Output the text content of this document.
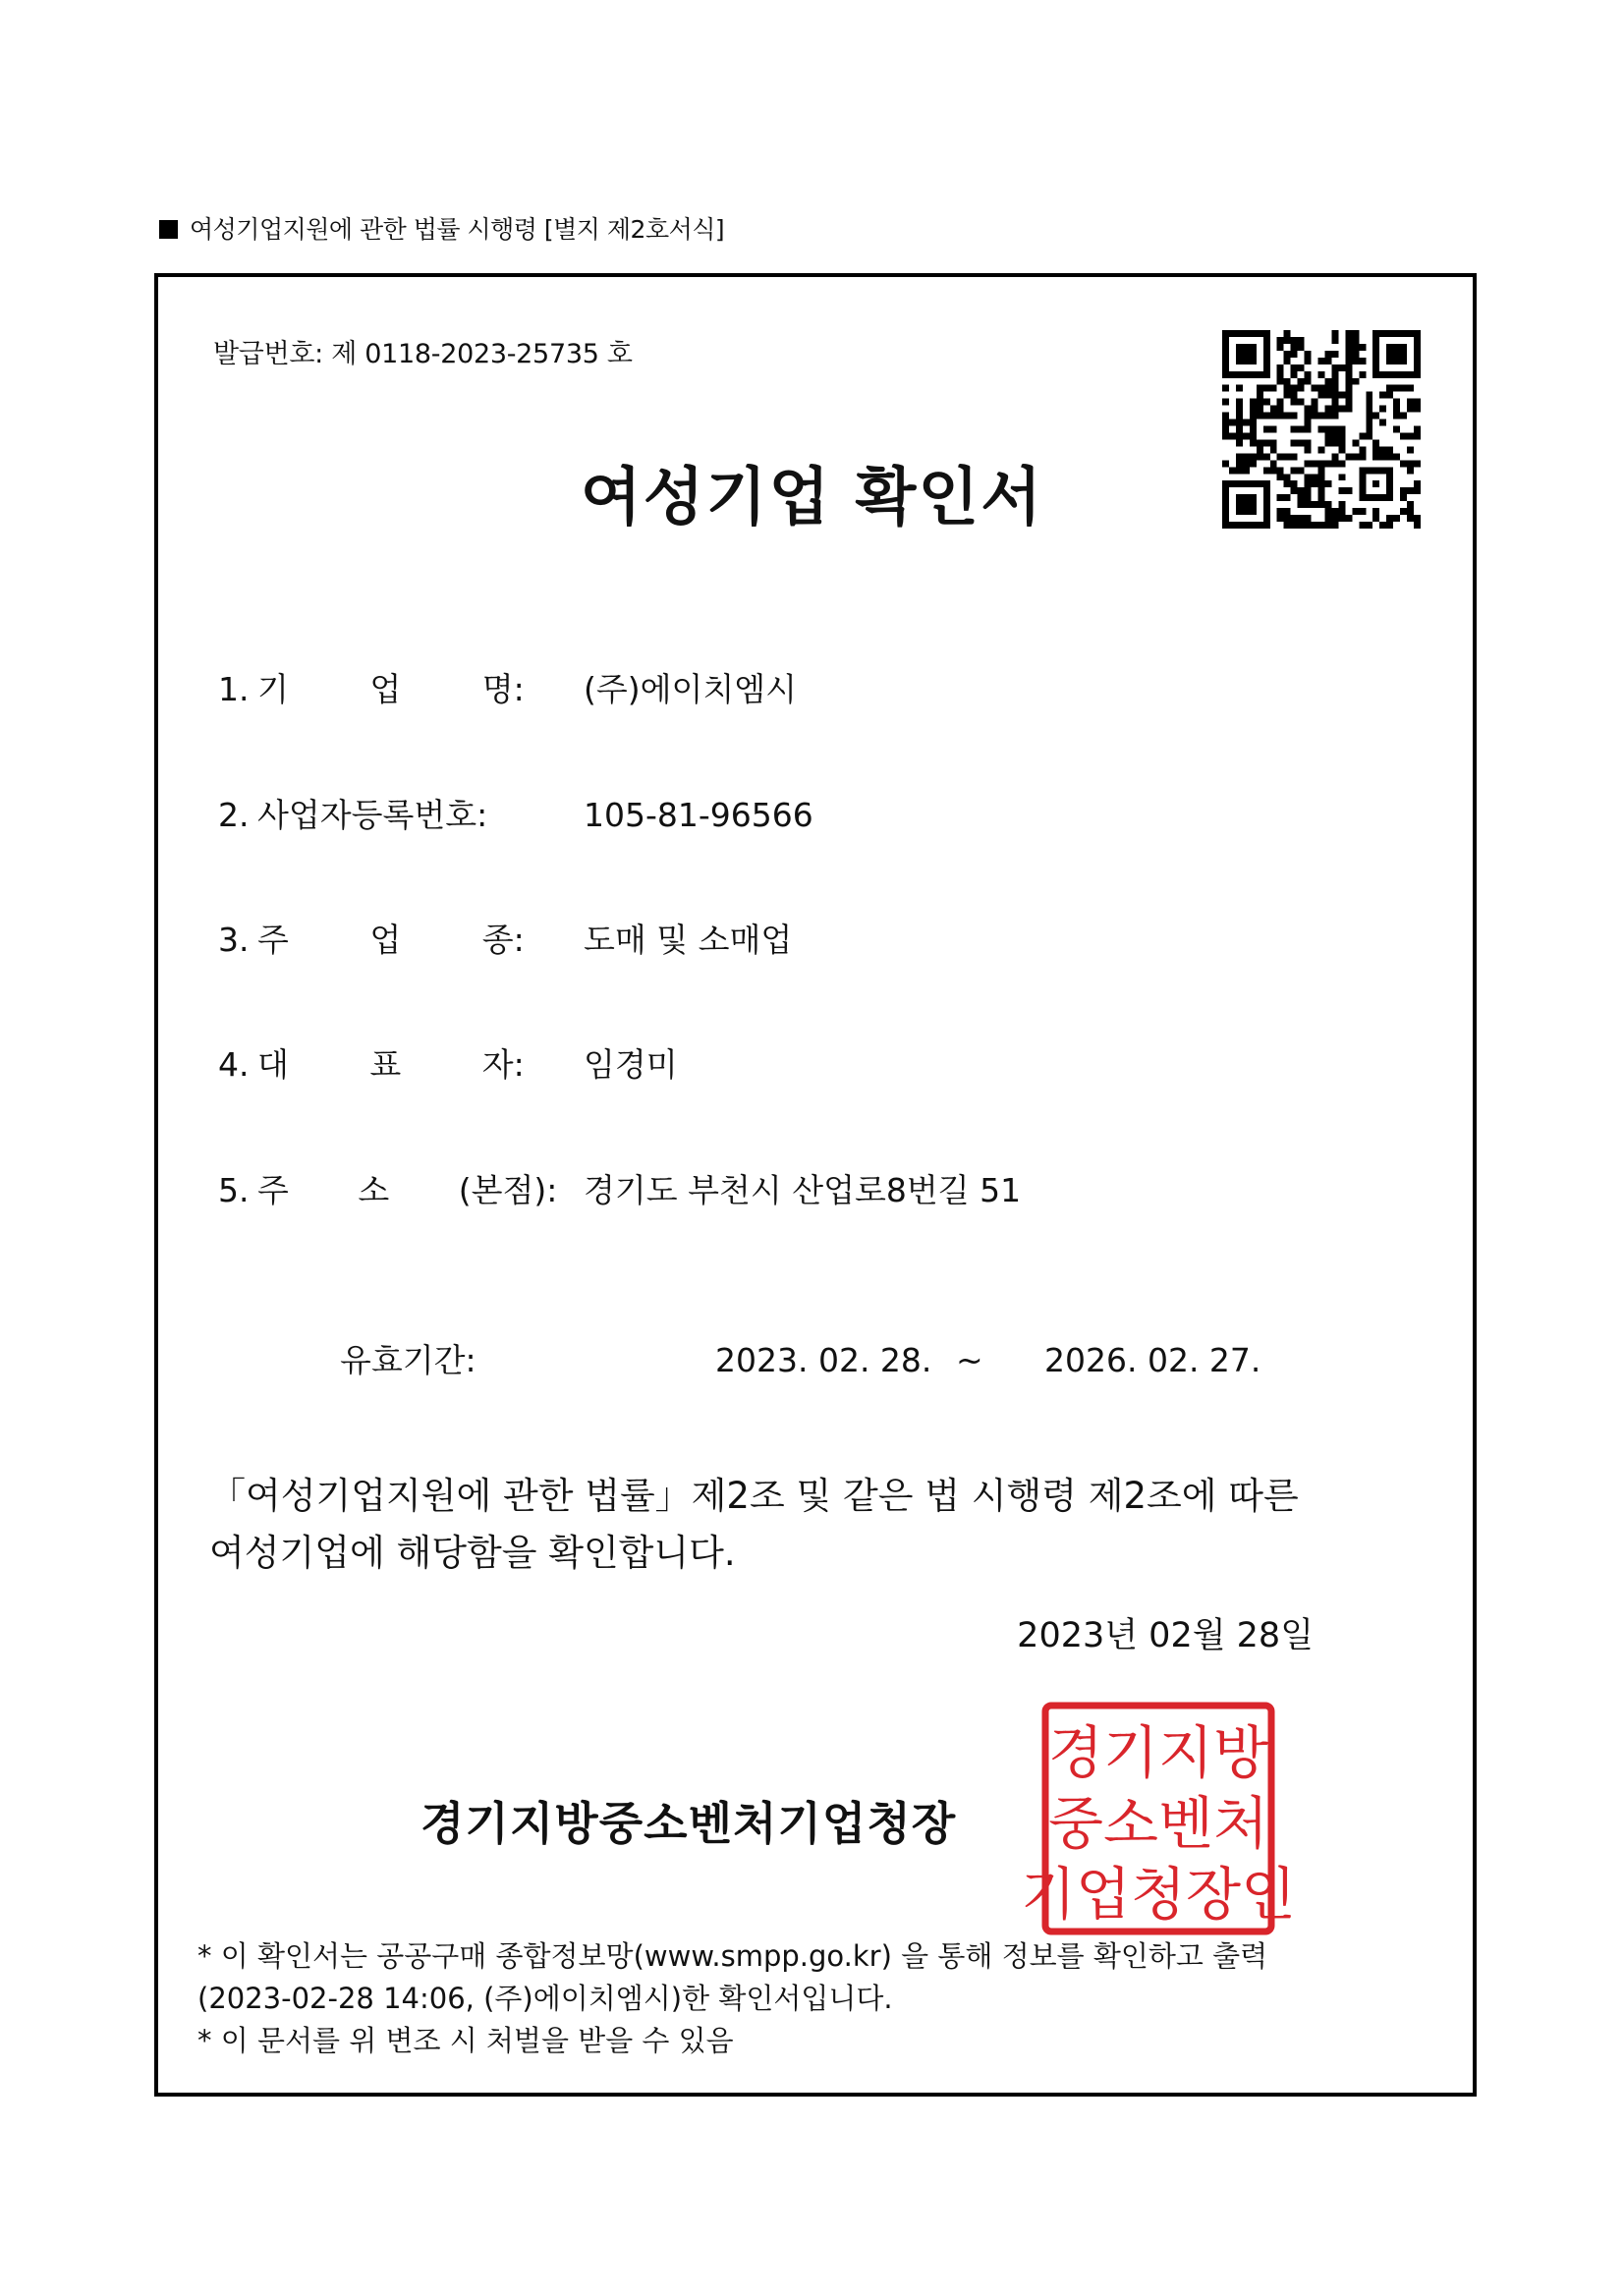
여성기업지원에 관한 법률 시행령 [별지 제2호서식]
발급번호: 제 0118-2023-25735 호
여성기업 확인서
1. 기 업 명:	(주)에이치엠시
2. 사업자등록번호:	105-81-96566
3. 주 업 종:	도매 및 소매업
4. 대 표 자:	임경미
5. 주 소 (본점): 경기도 부천시 산업로8번길 51
유효기간:	2023. 02. 28. ~ 2026. 02. 27.
「여성기업지원에 관한 법률」제2조 및 같은 법 시행령 제2조에 따른
여성기업에 해당함을 확인합니다.
2023년 02월 28일
경기지방중소벤처기업청장
경기지방
중소벤처
기업청장인
* 이 확인서는 공공구매 종합정보망(www.smpp.go.kr) 을 통해 정보를 확인하고 출력
(2023-02-28 14:06, (주)에이치엠시)한 확인서입니다.
* 이 문서를 위 변조 시 처벌을 받을 수 있음
